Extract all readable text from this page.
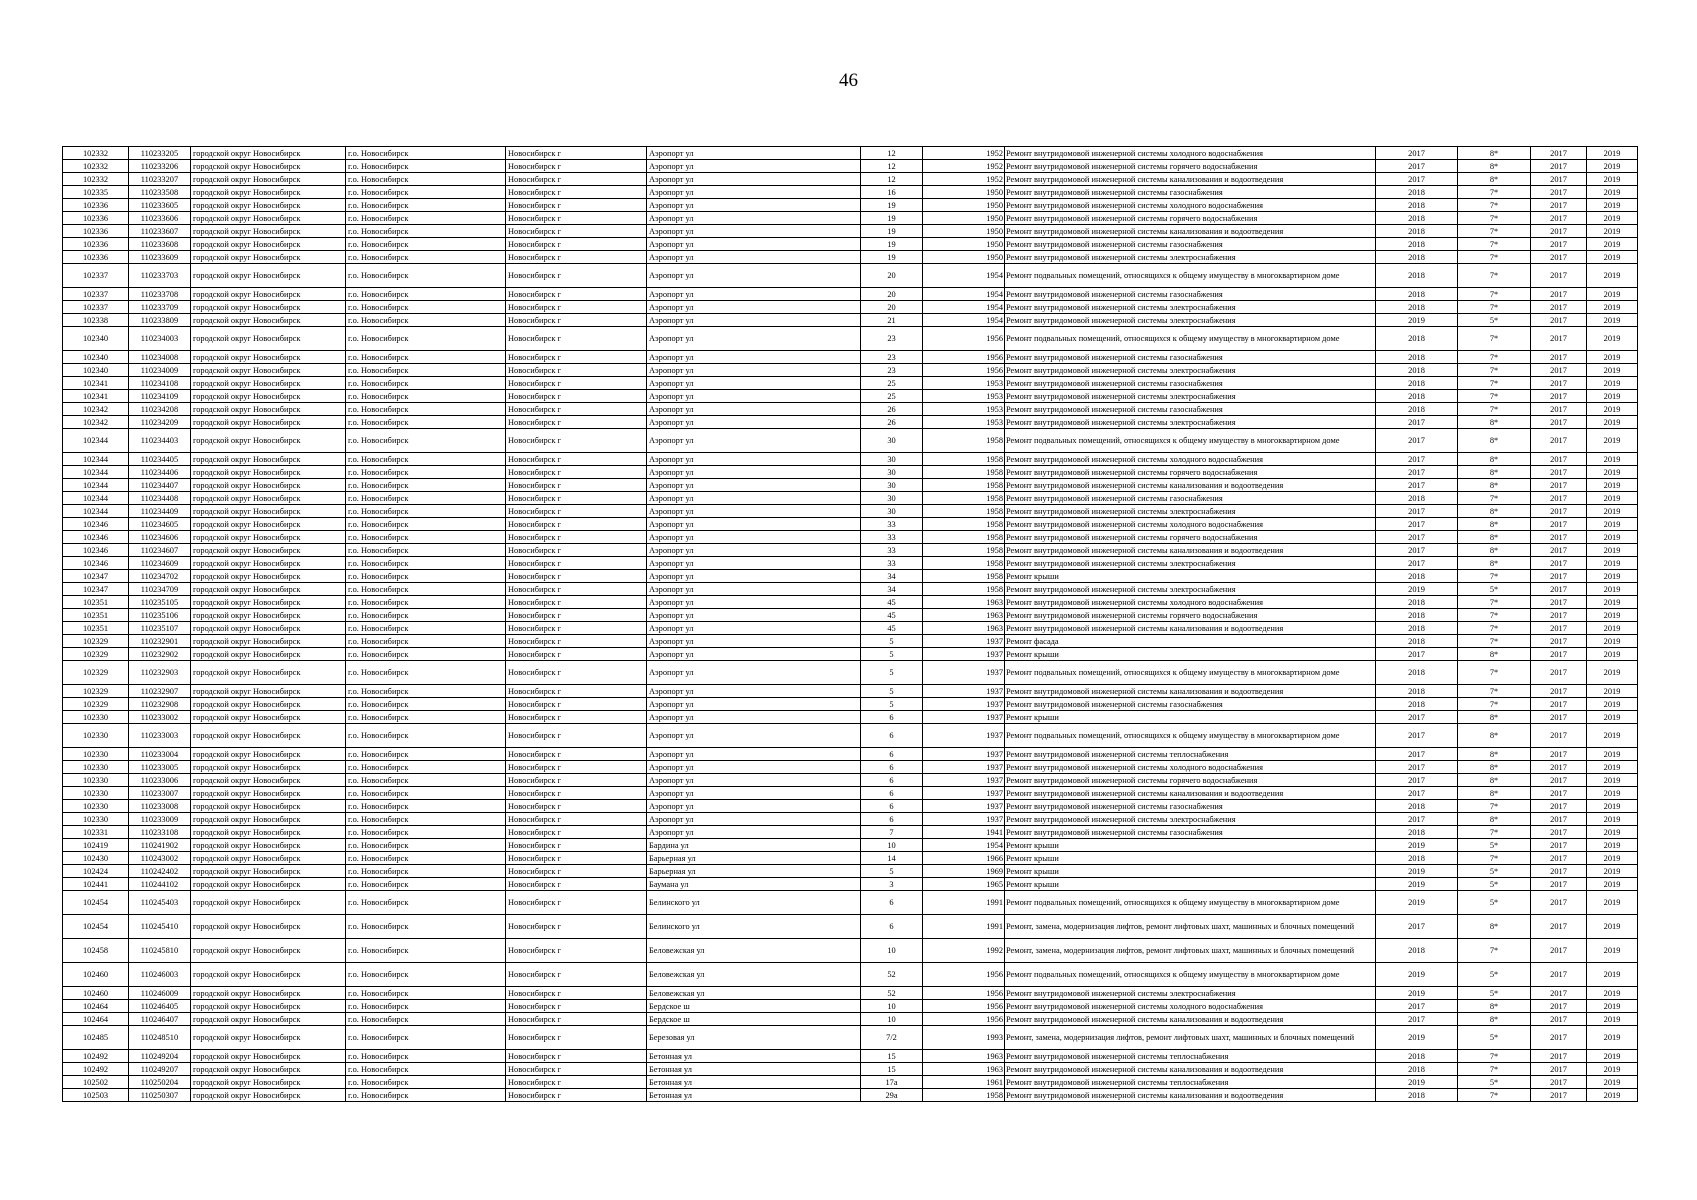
46
102332	110233205	городской округ Новосибирск	г.о. Новосибирск	Новосибирск г	Аэропорт ул	12	1952	Ремонт внутридомовой инженерной системы холодного водоснабжения	2017	8*	2017	2019
102332	110233206	городской округ Новосибирск	г.о. Новосибирск	Новосибирск г	Аэропорт ул	12	1952	Ремонт внутридомовой инженерной системы горячего водоснабжения	2017	8*	2017	2019
102332	110233207	городской округ Новосибирск	г.о. Новосибирск	Новосибирск г	Аэропорт ул	12	1952	Ремонт внутридомовой инженерной системы канализования и водоотведения	2017	8*	2017	2019
102335	110233508	городской округ Новосибирск	г.о. Новосибирск	Новосибирск г	Аэропорт ул	16	1950	Ремонт внутридомовой инженерной системы газоснабжения	2018	7*	2017	2019
102336	110233605	городской округ Новосибирск	г.о. Новосибирск	Новосибирск г	Аэропорт ул	19	1950	Ремонт внутридомовой инженерной системы холодного водоснабжения	2018	7*	2017	2019
102336	110233606	городской округ Новосибирск	г.о. Новосибирск	Новосибирск г	Аэропорт ул	19	1950	Ремонт внутридомовой инженерной системы горячего водоснабжения	2018	7*	2017	2019
102336	110233607	городской округ Новосибирск	г.о. Новосибирск	Новосибирск г	Аэропорт ул	19	1950	Ремонт внутридомовой инженерной системы канализования и водоотведения	2018	7*	2017	2019
102336	110233608	городской округ Новосибирск	г.о. Новосибирск	Новосибирск г	Аэропорт ул	19	1950	Ремонт внутридомовой инженерной системы газоснабжения	2018	7*	2017	2019
102336	110233609	городской округ Новосибирск	г.о. Новосибирск	Новосибирск г	Аэропорт ул	19	1950	Ремонт внутридомовой инженерной системы электроснабжения	2018	7*	2017	2019
102337	110233703	городской округ Новосибирск	г.о. Новосибирск	Новосибирск г	Аэропорт ул	20	1954	Ремонт подвальных помещений, относящихся к общему имуществу в многоквартирном доме	2018	7*	2017	2019
102337	110233708	городской округ Новосибирск	г.о. Новосибирск	Новосибирск г	Аэропорт ул	20	1954	Ремонт внутридомовой инженерной системы газоснабжения	2018	7*	2017	2019
102337	110233709	городской округ Новосибирск	г.о. Новосибирск	Новосибирск г	Аэропорт ул	20	1954	Ремонт внутридомовой инженерной системы электроснабжения	2018	7*	2017	2019
102338	110233809	городской округ Новосибирск	г.о. Новосибирск	Новосибирск г	Аэропорт ул	21	1954	Ремонт внутридомовой инженерной системы электроснабжения	2019	5*	2017	2019
102340	110234003	городской округ Новосибирск	г.о. Новосибирск	Новосибирск г	Аэропорт ул	23	1956	Ремонт подвальных помещений, относящихся к общему имуществу в многоквартирном доме	2018	7*	2017	2019
102340	110234008	городской округ Новосибирск	г.о. Новосибирск	Новосибирск г	Аэропорт ул	23	1956	Ремонт внутридомовой инженерной системы газоснабжения	2018	7*	2017	2019
102340	110234009	городской округ Новосибирск	г.о. Новосибирск	Новосибирск г	Аэропорт ул	23	1956	Ремонт внутридомовой инженерной системы электроснабжения	2018	7*	2017	2019
102341	110234108	городской округ Новосибирск	г.о. Новосибирск	Новосибирск г	Аэропорт ул	25	1953	Ремонт внутридомовой инженерной системы газоснабжения	2018	7*	2017	2019
102341	110234109	городской округ Новосибирск	г.о. Новосибирск	Новосибирск г	Аэропорт ул	25	1953	Ремонт внутридомовой инженерной системы электроснабжения	2018	7*	2017	2019
102342	110234208	городской округ Новосибирск	г.о. Новосибирск	Новосибирск г	Аэропорт ул	26	1953	Ремонт внутридомовой инженерной системы газоснабжения	2018	7*	2017	2019
102342	110234209	городской округ Новосибирск	г.о. Новосибирск	Новосибирск г	Аэропорт ул	26	1953	Ремонт внутридомовой инженерной системы электроснабжения	2017	8*	2017	2019
102344	110234403	городской округ Новосибирск	г.о. Новосибирск	Новосибирск г	Аэропорт ул	30	1958	Ремонт подвальных помещений, относящихся к общему имуществу в многоквартирном доме	2017	8*	2017	2019
102344	110234405	городской округ Новосибирск	г.о. Новосибирск	Новосибирск г	Аэропорт ул	30	1958	Ремонт внутридомовой инженерной системы холодного водоснабжения	2017	8*	2017	2019
102344	110234406	городской округ Новосибирск	г.о. Новосибирск	Новосибирск г	Аэропорт ул	30	1958	Ремонт внутридомовой инженерной системы горячего водоснабжения	2017	8*	2017	2019
102344	110234407	городской округ Новосибирск	г.о. Новосибирск	Новосибирск г	Аэропорт ул	30	1958	Ремонт внутридомовой инженерной системы канализования и водоотведения	2017	8*	2017	2019
102344	110234408	городской округ Новосибирск	г.о. Новосибирск	Новосибирск г	Аэропорт ул	30	1958	Ремонт внутридомовой инженерной системы газоснабжения	2018	7*	2017	2019
102344	110234409	городской округ Новосибирск	г.о. Новосибирск	Новосибирск г	Аэропорт ул	30	1958	Ремонт внутридомовой инженерной системы электроснабжения	2017	8*	2017	2019
102346	110234605	городской округ Новосибирск	г.о. Новосибирск	Новосибирск г	Аэропорт ул	33	1958	Ремонт внутридомовой инженерной системы холодного водоснабжения	2017	8*	2017	2019
102346	110234606	городской округ Новосибирск	г.о. Новосибирск	Новосибирск г	Аэропорт ул	33	1958	Ремонт внутридомовой инженерной системы горячего водоснабжения	2017	8*	2017	2019
102346	110234607	городской округ Новосибирск	г.о. Новосибирск	Новосибирск г	Аэропорт ул	33	1958	Ремонт внутридомовой инженерной системы канализования и водоотведения	2017	8*	2017	2019
102346	110234609	городской округ Новосибирск	г.о. Новосибирск	Новосибирск г	Аэропорт ул	33	1958	Ремонт внутридомовой инженерной системы электроснабжения	2017	8*	2017	2019
102347	110234702	городской округ Новосибирск	г.о. Новосибирск	Новосибирск г	Аэропорт ул	34	1958	Ремонт крыши	2018	7*	2017	2019
102347	110234709	городской округ Новосибирск	г.о. Новосибирск	Новосибирск г	Аэропорт ул	34	1958	Ремонт внутридомовой инженерной системы электроснабжения	2019	5*	2017	2019
102351	110235105	городской округ Новосибирск	г.о. Новосибирск	Новосибирск г	Аэропорт ул	45	1963	Ремонт внутридомовой инженерной системы холодного водоснабжения	2018	7*	2017	2019
102351	110235106	городской округ Новосибирск	г.о. Новосибирск	Новосибирск г	Аэропорт ул	45	1963	Ремонт внутридомовой инженерной системы горячего водоснабжения	2018	7*	2017	2019
102351	110235107	городской округ Новосибирск	г.о. Новосибирск	Новосибирск г	Аэропорт ул	45	1963	Ремонт внутридомовой инженерной системы канализования и водоотведения	2018	7*	2017	2019
102329	110232901	городской округ Новосибирск	г.о. Новосибирск	Новосибирск г	Аэропорт ул	5	1937	Ремонт фасада	2018	7*	2017	2019
102329	110232902	городской округ Новосибирск	г.о. Новосибирск	Новосибирск г	Аэропорт ул	5	1937	Ремонт крыши	2017	8*	2017	2019
102329	110232903	городской округ Новосибирск	г.о. Новосибирск	Новосибирск г	Аэропорт ул	5	1937	Ремонт подвальных помещений, относящихся к общему имуществу в многоквартирном доме	2018	7*	2017	2019
102329	110232907	городской округ Новосибирск	г.о. Новосибирск	Новосибирск г	Аэропорт ул	5	1937	Ремонт внутридомовой инженерной системы канализования и водоотведения	2018	7*	2017	2019
102329	110232908	городской округ Новосибирск	г.о. Новосибирск	Новосибирск г	Аэропорт ул	5	1937	Ремонт внутридомовой инженерной системы газоснабжения	2018	7*	2017	2019
102330	110233002	городской округ Новосибирск	г.о. Новосибирск	Новосибирск г	Аэропорт ул	6	1937	Ремонт крыши	2017	8*	2017	2019
102330	110233003	городской округ Новосибирск	г.о. Новосибирск	Новосибирск г	Аэропорт ул	6	1937	Ремонт подвальных помещений, относящихся к общему имуществу в многоквартирном доме	2017	8*	2017	2019
102330	110233004	городской округ Новосибирск	г.о. Новосибирск	Новосибирск г	Аэропорт ул	6	1937	Ремонт внутридомовой инженерной системы теплоснабжения	2017	8*	2017	2019
102330	110233005	городской округ Новосибирск	г.о. Новосибирск	Новосибирск г	Аэропорт ул	6	1937	Ремонт внутридомовой инженерной системы холодного водоснабжения	2017	8*	2017	2019
102330	110233006	городской округ Новосибирск	г.о. Новосибирск	Новосибирск г	Аэропорт ул	6	1937	Ремонт внутридомовой инженерной системы горячего водоснабжения	2017	8*	2017	2019
102330	110233007	городской округ Новосибирск	г.о. Новосибирск	Новосибирск г	Аэропорт ул	6	1937	Ремонт внутридомовой инженерной системы канализования и водоотведения	2017	8*	2017	2019
102330	110233008	городской округ Новосибирск	г.о. Новосибирск	Новосибирск г	Аэропорт ул	6	1937	Ремонт внутридомовой инженерной системы газоснабжения	2018	7*	2017	2019
102330	110233009	городской округ Новосибирск	г.о. Новосибирск	Новосибирск г	Аэропорт ул	6	1937	Ремонт внутридомовой инженерной системы электроснабжения	2017	8*	2017	2019
102331	110233108	городской округ Новосибирск	г.о. Новосибирск	Новосибирск г	Аэропорт ул	7	1941	Ремонт внутридомовой инженерной системы газоснабжения	2018	7*	2017	2019
102419	110241902	городской округ Новосибирск	г.о. Новосибирск	Новосибирск г	Бардина ул	10	1954	Ремонт крыши	2019	5*	2017	2019
102430	110243002	городской округ Новосибирск	г.о. Новосибирск	Новосибирск г	Барьерная ул	14	1966	Ремонт крыши	2018	7*	2017	2019
102424	110242402	городской округ Новосибирск	г.о. Новосибирск	Новосибирск г	Барьерная ул	5	1969	Ремонт крыши	2019	5*	2017	2019
102441	110244102	городской округ Новосибирск	г.о. Новосибирск	Новосибирск г	Баумана ул	3	1965	Ремонт крыши	2019	5*	2017	2019
102454	110245403	городской округ Новосибирск	г.о. Новосибирск	Новосибирск г	Белинского ул	6	1991	Ремонт подвальных помещений, относящихся к общему имуществу в многоквартирном доме	2019	5*	2017	2019
102454	110245410	городской округ Новосибирск	г.о. Новосибирск	Новосибирск г	Белинского ул	6	1991	Ремонт, замена, модернизация лифтов, ремонт лифтовых шахт, машинных и блочных помещений	2017	8*	2017	2019
102458	110245810	городской округ Новосибирск	г.о. Новосибирск	Новосибирск г	Беловежская ул	10	1992	Ремонт, замена, модернизация лифтов, ремонт лифтовых шахт, машинных и блочных помещений	2018	7*	2017	2019
102460	110246003	городской округ Новосибирск	г.о. Новосибирск	Новосибирск г	Беловежская ул	52	1956	Ремонт подвальных помещений, относящихся к общему имуществу в многоквартирном доме	2019	5*	2017	2019
102460	110246009	городской округ Новосибирск	г.о. Новосибирск	Новосибирск г	Беловежская ул	52	1956	Ремонт внутридомовой инженерной системы электроснабжения	2019	5*	2017	2019
102464	110246405	городской округ Новосибирск	г.о. Новосибирск	Новосибирск г	Бердское ш	10	1956	Ремонт внутридомовой инженерной системы холодного водоснабжения	2017	8*	2017	2019
102464	110246407	городской округ Новосибирск	г.о. Новосибирск	Новосибирск г	Бердское ш	10	1956	Ремонт внутридомовой инженерной системы канализования и водоотведения	2017	8*	2017	2019
102485	110248510	городской округ Новосибирск	г.о. Новосибирск	Новосибирск г	Березовая ул	7/2	1993	Ремонт, замена, модернизация лифтов, ремонт лифтовых шахт, машинных и блочных помещений	2019	5*	2017	2019
102492	110249204	городской округ Новосибирск	г.о. Новосибирск	Новосибирск г	Бетонная ул	15	1963	Ремонт внутридомовой инженерной системы теплоснабжения	2018	7*	2017	2019
102492	110249207	городской округ Новосибирск	г.о. Новосибирск	Новосибирск г	Бетонная ул	15	1963	Ремонт внутридомовой инженерной системы канализования и водоотведения	2018	7*	2017	2019
102502	110250204	городской округ Новосибирск	г.о. Новосибирск	Новосибирск г	Бетонная ул	17а	1961	Ремонт внутридомовой инженерной системы теплоснабжения	2019	5*	2017	2019
102503	110250307	городской округ Новосибирск	г.о. Новосибирск	Новосибирск г	Бетонная ул	29а	1958	Ремонт внутридомовой инженерной системы канализования и водоотведения	2018	7*	2017	2019
